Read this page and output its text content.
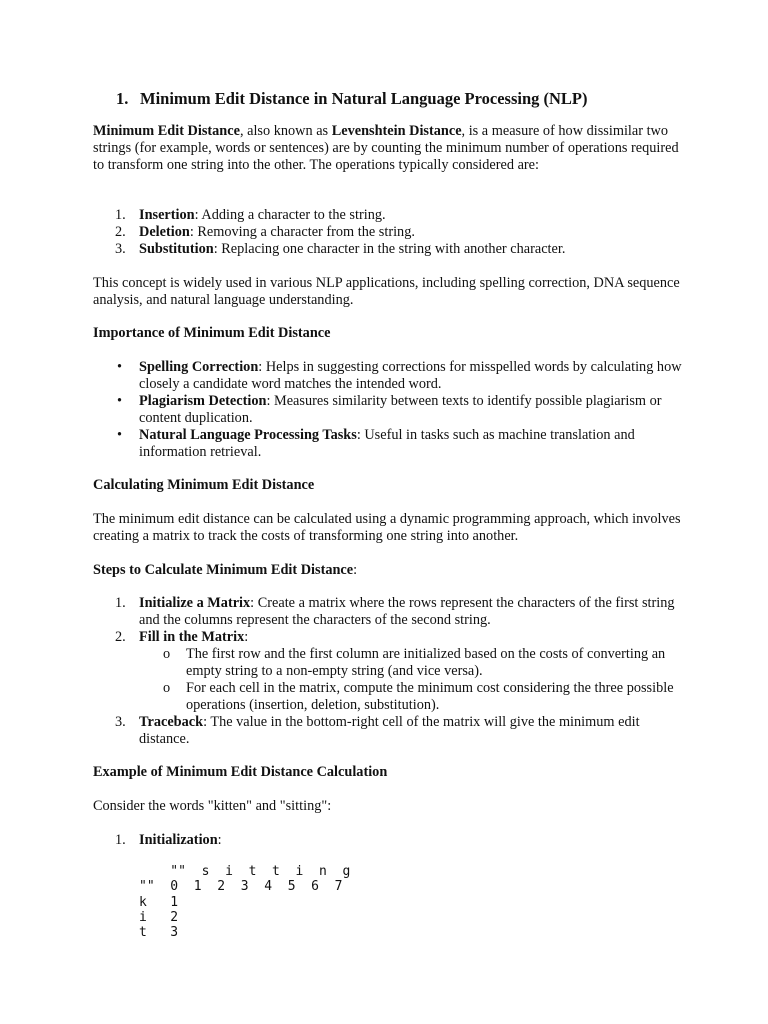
1. Minimum Edit Distance in Natural Language Processing (NLP)

Minimum Edit Distance, also known as Levenshtein Distance, is a measure of how dissimilar two strings (for example, words or sentences) are by counting the minimum number of operations required to transform one string into the other. The operations typically considered are:

1. Insertion: Adding a character to the string.
2. Deletion: Removing a character from the string.
3. Substitution: Replacing one character in the string with another character.

This concept is widely used in various NLP applications, including spelling correction, DNA sequence analysis, and natural language understanding.

Importance of Minimum Edit Distance

• Spelling Correction: Helps in suggesting corrections for misspelled words by calculating how closely a candidate word matches the intended word.
• Plagiarism Detection: Measures similarity between texts to identify possible plagiarism or content duplication.
• Natural Language Processing Tasks: Useful in tasks such as machine translation and information retrieval.

Calculating Minimum Edit Distance

The minimum edit distance can be calculated using a dynamic programming approach, which involves creating a matrix to track the costs of transforming one string into another.

Steps to Calculate Minimum Edit Distance:

1. Initialize a Matrix: Create a matrix where the rows represent the characters of the first string and the columns represent the characters of the second string.
2. Fill in the Matrix:
o The first row and the first column are initialized based on the costs of converting an empty string to a non-empty string (and vice versa).
o For each cell in the matrix, compute the minimum cost considering the three possible operations (insertion, deletion, substitution).
3. Traceback: The value in the bottom-right cell of the matrix will give the minimum edit distance.

Example of Minimum Edit Distance Calculation

Consider the words "kitten" and "sitting":

1. Initialization:
""  s  i  t  t  i  n  g
""  0  1  2  3  4  5  6  7
k   1
i   2
t   3
